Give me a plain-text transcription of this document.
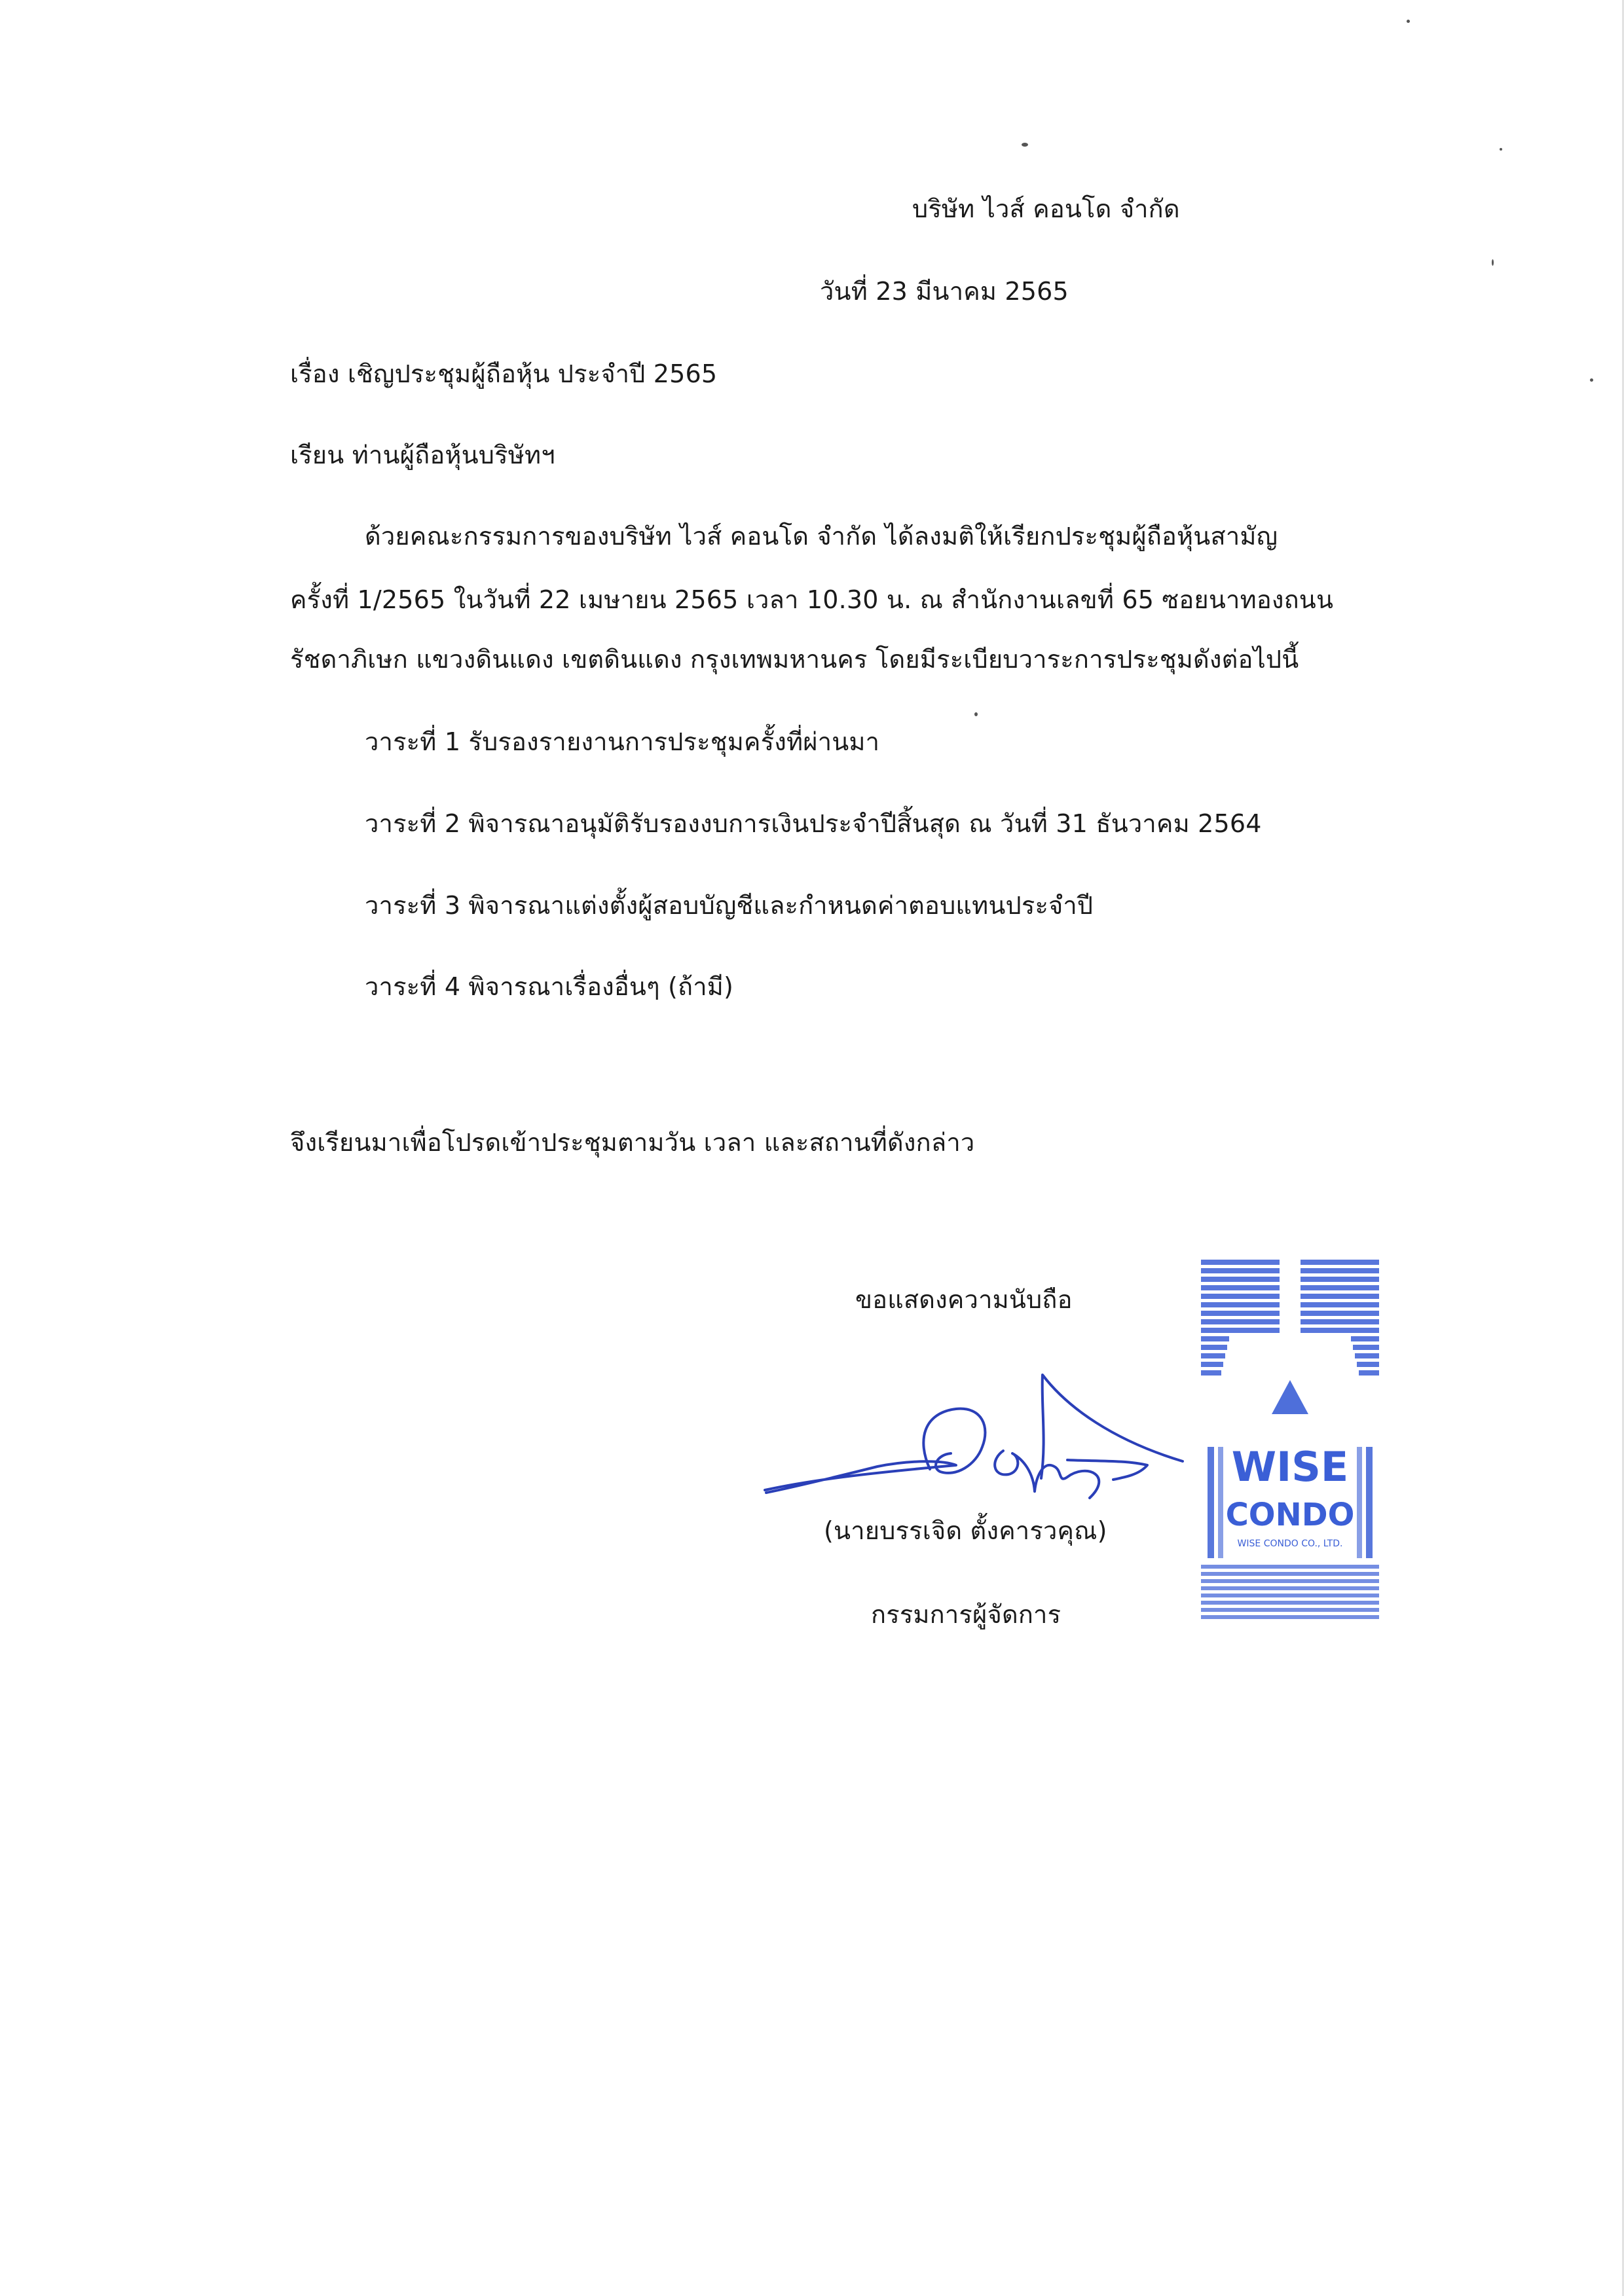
บริษัท ไวส์ คอนโด จำกัด
วันที่ 23 มีนาคม 2565
เรื่อง เชิญประชุมผู้ถือหุ้น ประจำปี 2565
เรียน ท่านผู้ถือหุ้นบริษัทฯ
ด้วยคณะกรรมการของบริษัท ไวส์ คอนโด จำกัด ได้ลงมติให้เรียกประชุมผู้ถือหุ้นสามัญ
ครั้งที่ 1/2565 ในวันที่ 22 เมษายน 2565 เวลา 10.30 น. ณ สำนักงานเลขที่ 65 ซอยนาทองถนน
รัชดาภิเษก แขวงดินแดง เขตดินแดง กรุงเทพมหานคร โดยมีระเบียบวาระการประชุมดังต่อไปนี้
วาระที่ 1 รับรองรายงานการประชุมครั้งที่ผ่านมา
วาระที่ 2 พิจารณาอนุมัติรับรองงบการเงินประจำปีสิ้นสุด ณ วันที่ 31 ธันวาคม 2564
วาระที่ 3 พิจารณาแต่งตั้งผู้สอบบัญชีและกำหนดค่าตอบแทนประจำปี
วาระที่ 4 พิจารณาเรื่องอื่นๆ (ถ้ามี)
จึงเรียนมาเพื่อโปรดเข้าประชุมตามวัน เวลา และสถานที่ดังกล่าว
ขอแสดงความนับถือ
(นายบรรเจิด ตั้งคารวคุณ)
กรรมการผู้จัดการ
WISE
CONDO
WISE CONDO CO., LTD.
